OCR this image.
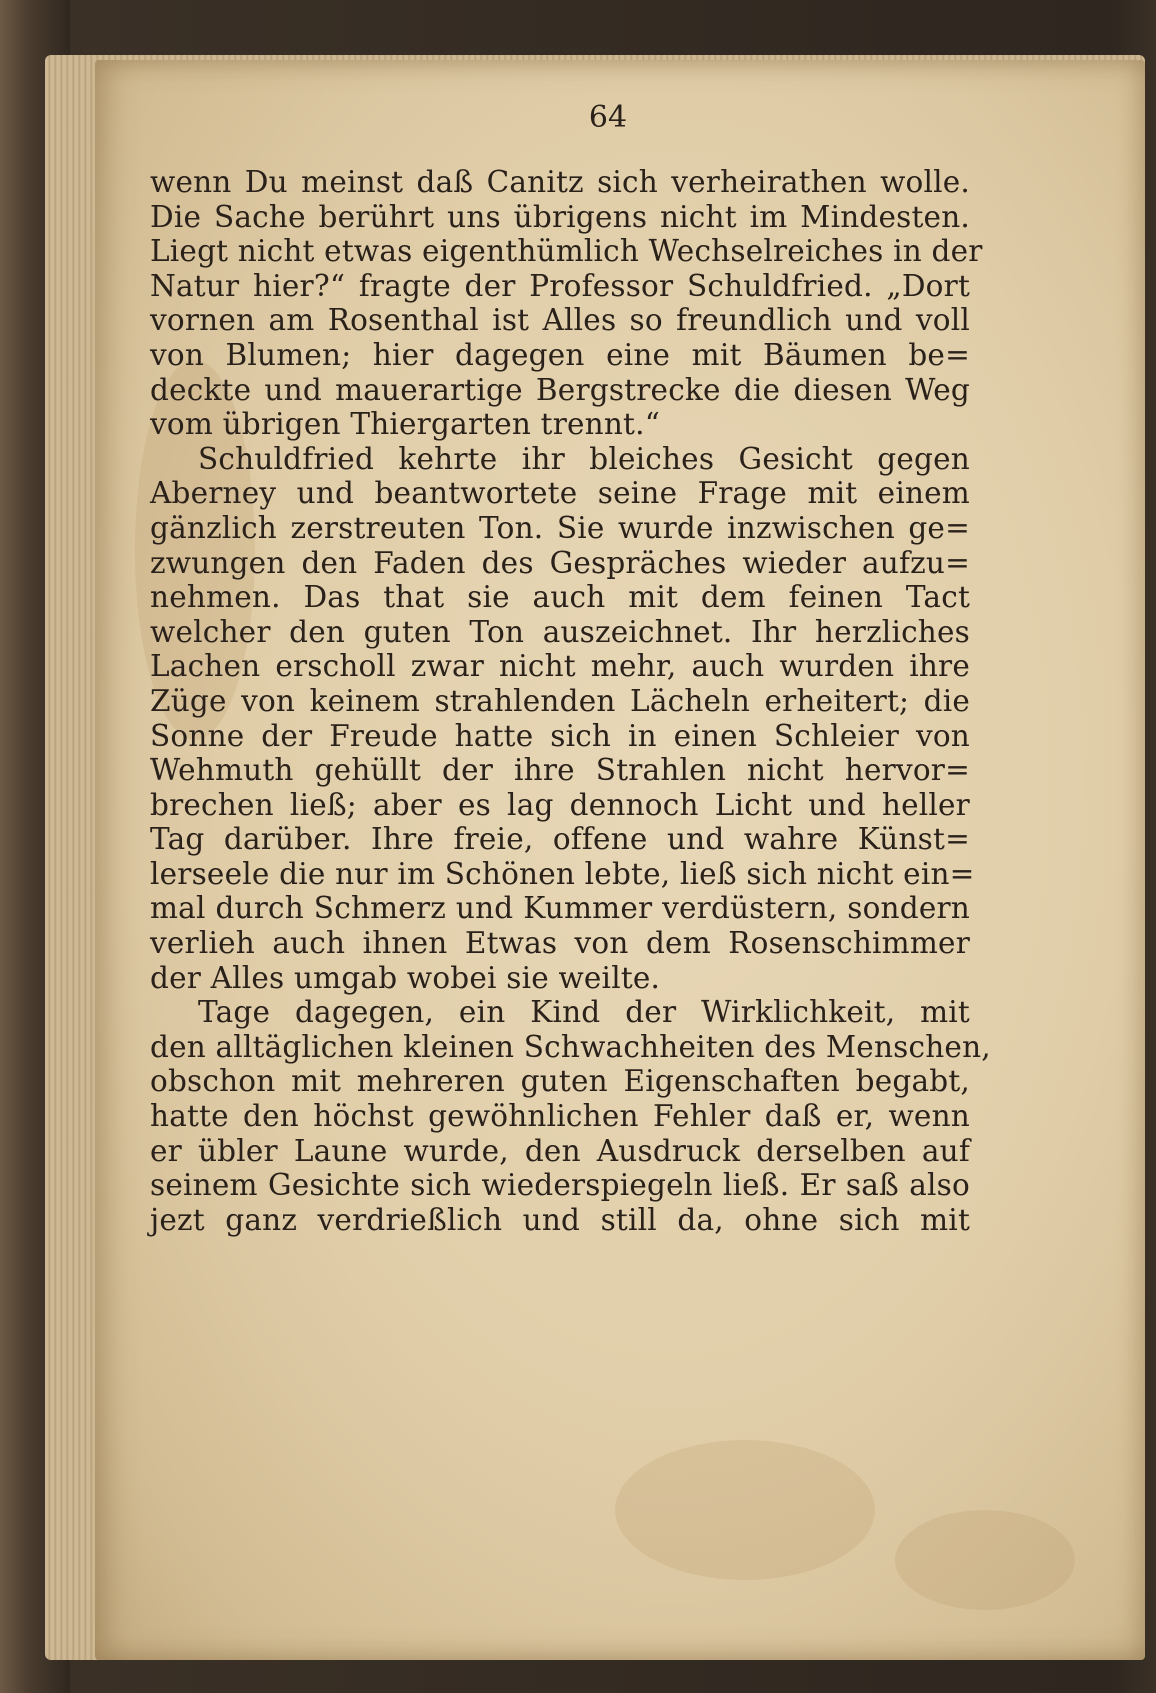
64
wenn Du meinst daß Canitz sich verheirathen wolle.
Die Sache berührt uns übrigens nicht im Mindesten.
Liegt nicht etwas eigenthümlich Wechselreiches in der
Natur hier?“ fragte der Professor Schuldfried. „Dort
vornen am Rosenthal ist Alles so freundlich und voll
von Blumen; hier dagegen eine mit Bäumen be=
deckte und mauerartige Bergstrecke die diesen Weg
vom übrigen Thiergarten trennt.“
Schuldfried kehrte ihr bleiches Gesicht gegen
Aberney und beantwortete seine Frage mit einem
gänzlich zerstreuten Ton. Sie wurde inzwischen ge=
zwungen den Faden des Gespräches wieder aufzu=
nehmen. Das that sie auch mit dem feinen Tact
welcher den guten Ton auszeichnet. Ihr herzliches
Lachen erscholl zwar nicht mehr, auch wurden ihre
Züge von keinem strahlenden Lächeln erheitert; die
Sonne der Freude hatte sich in einen Schleier von
Wehmuth gehüllt der ihre Strahlen nicht hervor=
brechen ließ; aber es lag dennoch Licht und heller
Tag darüber. Ihre freie, offene und wahre Künst=
lerseele die nur im Schönen lebte, ließ sich nicht ein=
mal durch Schmerz und Kummer verdüstern, sondern
verlieh auch ihnen Etwas von dem Rosenschimmer
der Alles umgab wobei sie weilte.
Tage dagegen, ein Kind der Wirklichkeit, mit
den alltäglichen kleinen Schwachheiten des Menschen,
obschon mit mehreren guten Eigenschaften begabt,
hatte den höchst gewöhnlichen Fehler daß er, wenn
er übler Laune wurde, den Ausdruck derselben auf
seinem Gesichte sich wiederspiegeln ließ. Er saß also
jezt ganz verdrießlich und still da, ohne sich mit
